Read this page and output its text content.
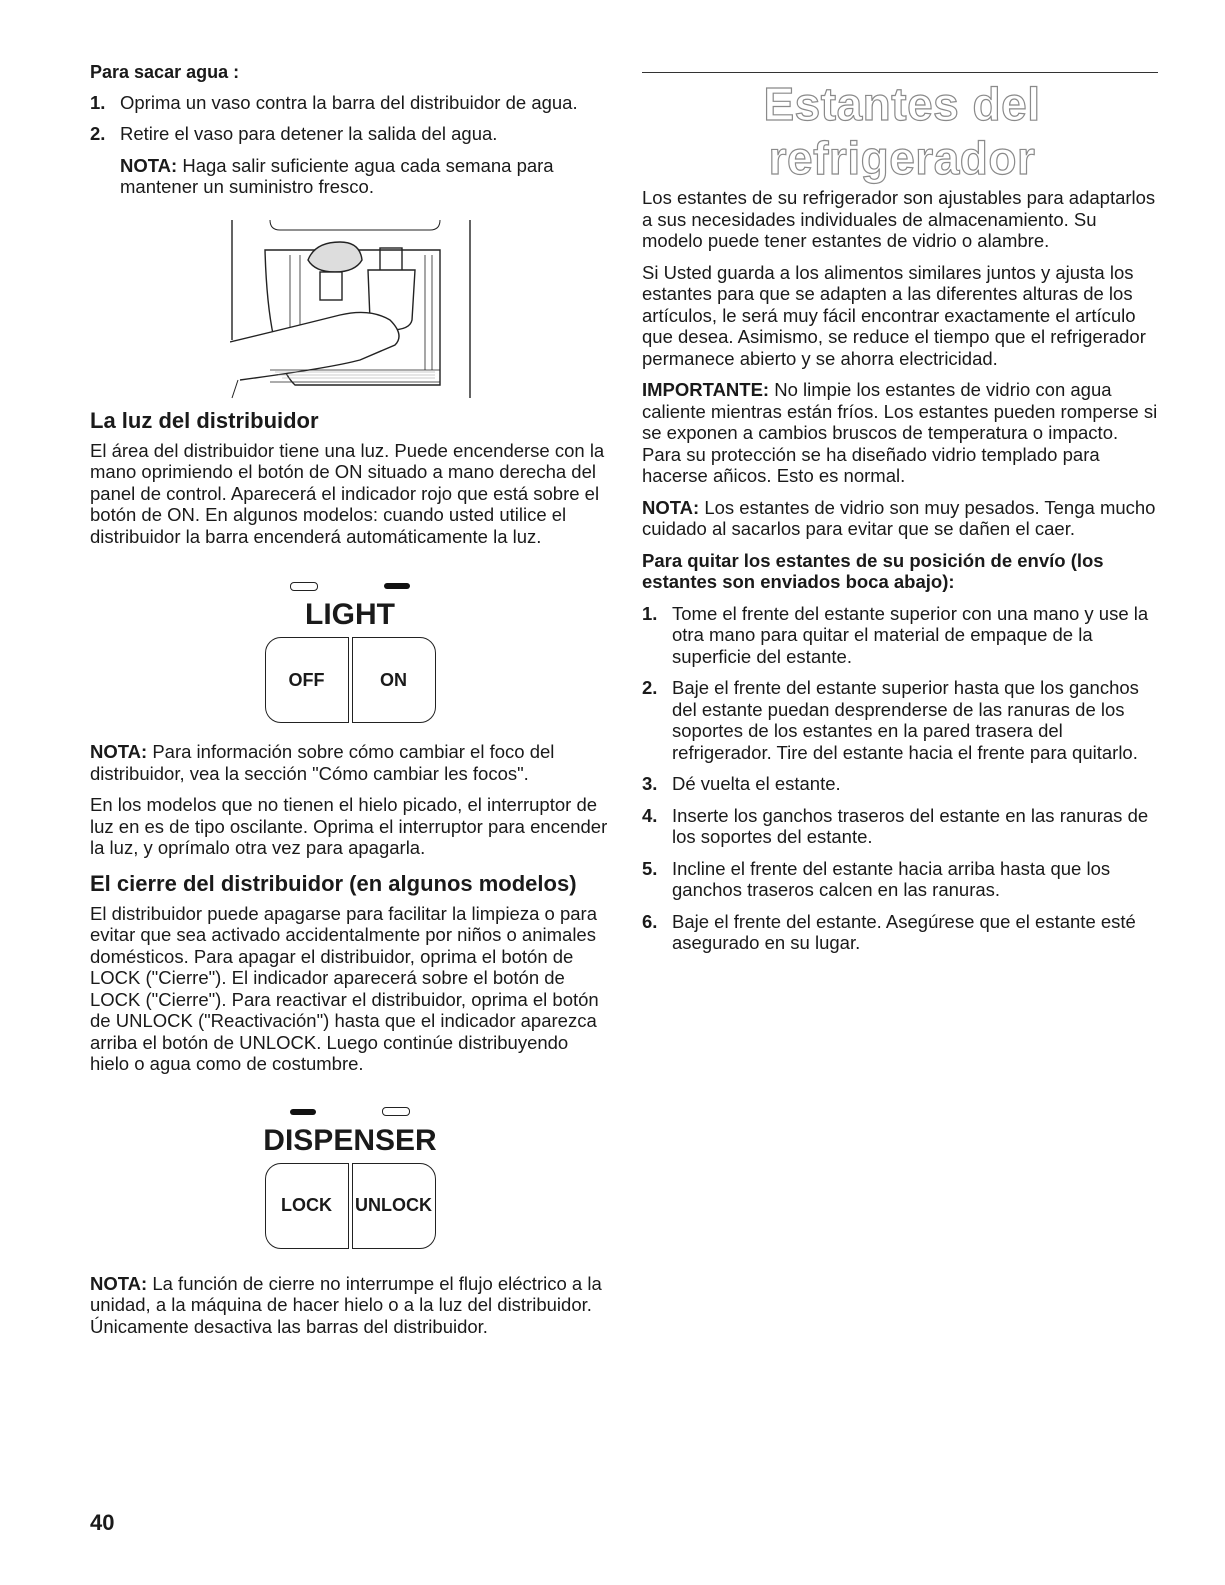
Para sacar agua :

1. Oprima un vaso contra la barra del distribuidor de agua.
2. Retire el vaso para detener la salida del agua.

NOTA: Haga salir suficiente agua cada semana para mantener un suministro fresco.

La luz del distribuidor

El área del distribuidor tiene una luz. Puede encenderse con la mano oprimiendo el botón de ON situado a mano derecha del panel de control. Aparecerá el indicador rojo que está sobre el botón de ON. En algunos modelos: cuando usted utilice el distribuidor la barra encenderá automáticamente la luz.

LIGHT
OFF	ON

NOTA: Para información sobre cómo cambiar el foco del distribuidor, vea la sección "Cómo cambiar les focos".

En los modelos que no tienen el hielo picado, el interruptor de luz en es de tipo oscilante. Oprima el interruptor para encender la luz, y oprímalo otra vez para apagarla.

El cierre del distribuidor (en algunos modelos)

El distribuidor puede apagarse para facilitar la limpieza o para evitar que sea activado accidentalmente por niños o animales domésticos. Para apagar el distribuidor, oprima el botón de LOCK ("Cierre"). El indicador aparecerá sobre el botón de LOCK ("Cierre"). Para reactivar el distribuidor, oprima el botón de UNLOCK ("Reactivación") hasta que el indicador aparezca arriba el botón de UNLOCK. Luego continúe distribuyendo hielo o agua como de costumbre.

DISPENSER
LOCK	UNLOCK

NOTA: La función de cierre no interrumpe el flujo eléctrico a la unidad, a la máquina de hacer hielo o a la luz del distribuidor. Únicamente desactiva las barras del distribuidor.

Estantes del refrigerador

Los estantes de su refrigerador son ajustables para adaptarlos a sus necesidades individuales de almacenamiento. Su modelo puede tener estantes de vidrio o alambre.

Si Usted guarda a los alimentos similares juntos y ajusta los estantes para que se adapten a las diferentes alturas de los artículos, le será muy fácil encontrar exactamente el artículo que desea. Asimismo, se reduce el tiempo que el refrigerador permanece abierto y se ahorra electricidad.

IMPORTANTE: No limpie los estantes de vidrio con agua caliente mientras están fríos. Los estantes pueden romperse si se exponen a cambios bruscos de temperatura o impacto. Para su protección se ha diseñado vidrio templado para hacerse añicos. Esto es normal.

NOTA: Los estantes de vidrio son muy pesados. Tenga mucho cuidado al sacarlos para evitar que se dañen el caer.

Para quitar los estantes de su posición de envío (los estantes son enviados boca abajo):

1. Tome el frente del estante superior con una mano y use la otra mano para quitar el material de empaque de la superficie del estante.
2. Baje el frente del estante superior hasta que los ganchos del estante puedan desprenderse de las ranuras de los soportes de los estantes en la pared trasera del refrigerador. Tire del estante hacia el frente para quitarlo.
3. Dé vuelta el estante.
4. Inserte los ganchos traseros del estante en las ranuras de los soportes del estante.
5. Incline el frente del estante hacia arriba hasta que los ganchos traseros calcen en las ranuras.
6. Baje el frente del estante. Asegúrese que el estante esté asegurado en su lugar.
40
